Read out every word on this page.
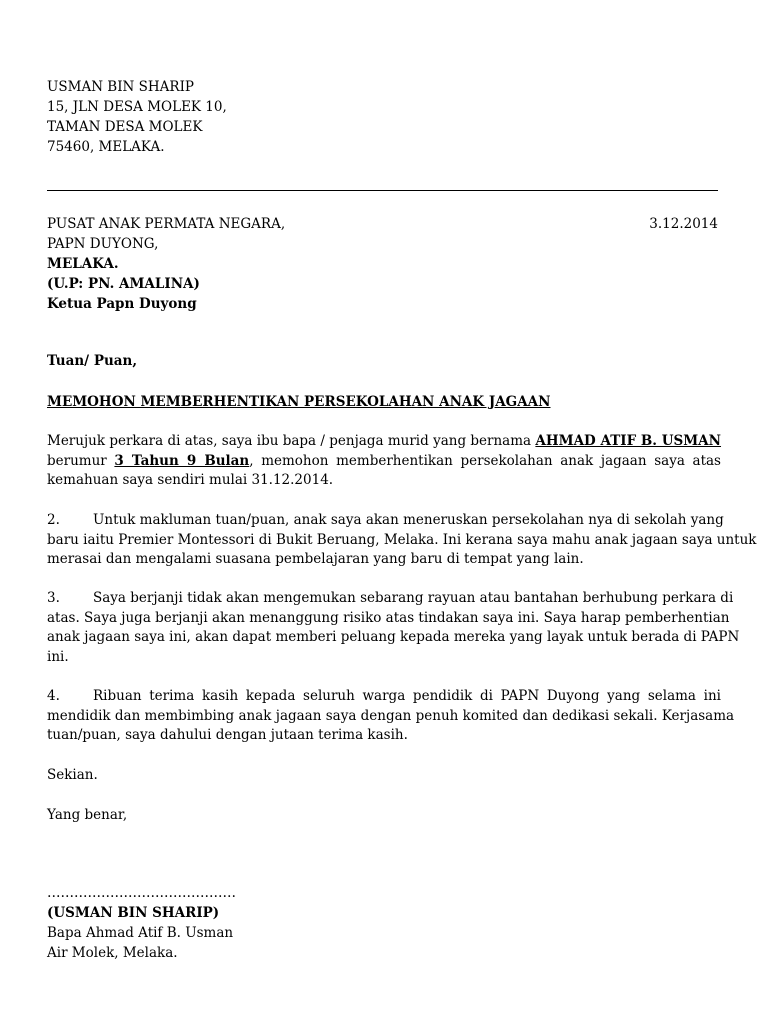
USMAN BIN SHARIP
15, JLN DESA MOLEK 10,
TAMAN DESA MOLEK
75460, MELAKA.
PUSAT ANAK PERMATA NEGARA,	3.12.2014
PAPN DUYONG,
MELAKA.
(U.P: PN. AMALINA)
Ketua Papn Duyong
Tuan/ Puan,
MEMOHON MEMBERHENTIKAN PERSEKOLAHAN ANAK JAGAAN
Merujuk perkara di atas, saya ibu bapa / penjaga murid yang bernama AHMAD ATIF B. USMAN
berumur 3 Tahun 9 Bulan, memohon memberhentikan persekolahan anak jagaan saya atas
kemahuan saya sendiri mulai 31.12.2014.
2. Untuk makluman tuan/puan, anak saya akan meneruskan persekolahan nya di sekolah yang
baru iaitu Premier Montessori di Bukit Beruang, Melaka. Ini kerana saya mahu anak jagaan saya untuk
merasai dan mengalami suasana pembelajaran yang baru di tempat yang lain.
3. Saya berjanji tidak akan mengemukan sebarang rayuan atau bantahan berhubung perkara di
atas. Saya juga berjanji akan menanggung risiko atas tindakan saya ini. Saya harap pemberhentian
anak jagaan saya ini, akan dapat memberi peluang kepada mereka yang layak untuk berada di PAPN
ini.
4. Ribuan terima kasih kepada seluruh warga pendidik di PAPN Duyong yang selama ini
mendidik dan membimbing anak jagaan saya dengan penuh komited dan dedikasi sekali. Kerjasama
tuan/puan, saya dahului dengan jutaan terima kasih.
Sekian.
Yang benar,
……………………………………
(USMAN BIN SHARIP)
Bapa Ahmad Atif B. Usman
Air Molek, Melaka.
